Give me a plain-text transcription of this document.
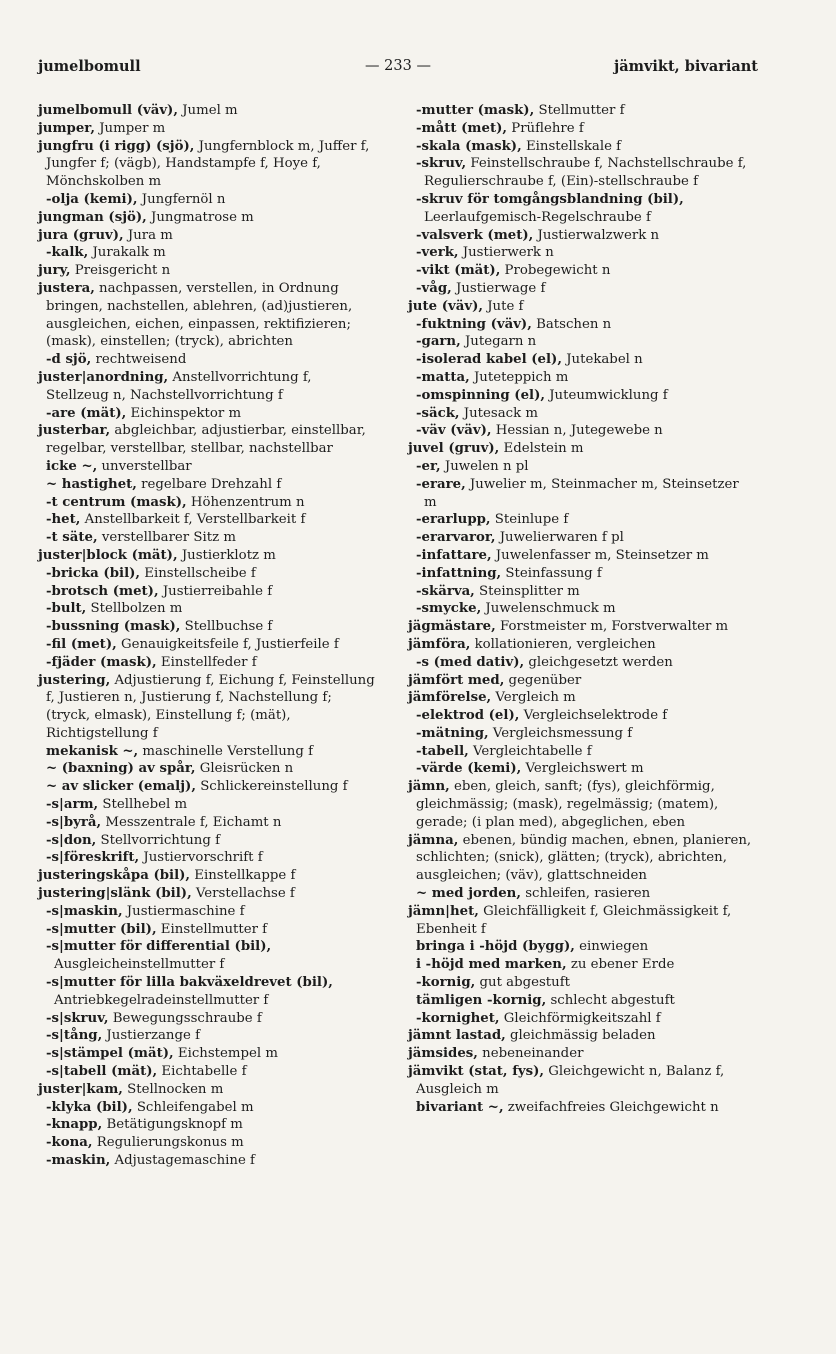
jumelbomull	— 233 —	jämvikt, bivariant

jumelbomull (väv), Jumel m

jumper, Jumper m

jungfru (i rigg) (sjö), Jungfernblock m, Juffer f, Jungfer f; (vägb), Handstampfe f, Hoye f, Mönchskolben m

-olja (kemi), Jungfernöl n

jungman (sjö), Jungmatrose m

jura (gruv), Jura m

-kalk, Jurakalk m

jury, Preisgericht n

justera, nachpassen, verstellen, in Ordnung bringen, nachstellen, ablehren, (ad)justieren, ausgleichen, eichen, einpassen, rektifizieren; (mask), einstellen; (tryck), abrichten

-d sjö, rechtweisend

juster|anordning, Anstellvorrichtung f, Stellzeug n, Nachstellvorrichtung f

-are (mät), Eichinspektor m

justerbar, abgleichbar, adjustierbar, einstellbar, regelbar, verstellbar, stellbar, nachstellbar

icke ~, unverstellbar

~ hastighet, regelbare Drehzahl f

-t centrum (mask), Höhenzentrum n

-het, Anstellbarkeit f, Verstellbarkeit f

-t säte, verstellbarer Sitz m

juster|block (mät), Justierklotz m

-bricka (bil), Einstellscheibe f

-brotsch (met), Justierreibahle f

-bult, Stellbolzen m

-bussning (mask), Stellbuchse f

-fil (met), Genauigkeitsfeile f, Justierfeile f

-fjäder (mask), Einstellfeder f

justering, Adjustierung f, Eichung f, Feinstellung f, Justieren n, Justierung f, Nachstellung f; (tryck, elmask), Einstellung f; (mät), Richtigstellung f

mekanisk ~, maschinelle Verstellung f

~ (baxning) av spår, Gleisrücken n

~ av slicker (emalj), Schlickereinstellung f

-s|arm, Stellhebel m

-s|byrå, Messzentrale f, Eichamt n

-s|don, Stellvorrichtung f

-s|föreskrift, Justiervorschrift f

justeringskåpa (bil), Einstellkappe f

justering|slänk (bil), Verstellachse f

-s|maskin, Justiermaschine f

-s|mutter (bil), Einstellmutter f

-s|mutter för differential (bil), Ausgleicheinstellmutter f

-s|mutter för lilla bakväxeldrevet (bil), Antriebkegelradeinstellmutter f

-s|skruv, Bewegungsschraube f

-s|tång, Justierzange f

-s|stämpel (mät), Eichstempel m

-s|tabell (mät), Eichtabelle f

juster|kam, Stellnocken m

-klyka (bil), Schleifengabel m

-knapp, Betätigungsknopf m

-kona, Regulierungskonus m

-maskin, Adjustagemaschine f

-mutter (mask), Stellmutter f

-mått (met), Prüflehre f

-skala (mask), Einstellskale f

-skruv, Feinstellschraube f, Nachstellschraube f, Regulierschraube f, (Ein)-stellschraube f

-skruv för tomgångsblandning (bil), Leerlaufgemisch-Regelschraube f

-valsverk (met), Justierwalzwerk n

-verk, Justierwerk n

-vikt (mät), Probegewicht n

-våg, Justierwage f

jute (väv), Jute f

-fuktning (väv), Batschen n

-garn, Jutegarn n

-isolerad kabel (el), Jutekabel n

-matta, Juteteppich m

-omspinning (el), Juteumwicklung f

-säck, Jutesack m

-väv (väv), Hessian n, Jutegewebe n

juvel (gruv), Edelstein m

-er, Juwelen n pl

-erare, Juwelier m, Steinmacher m, Steinsetzer m

-erarlupp, Steinlupe f

-erarvaror, Juwelierwaren f pl

-infattare, Juwelenfasser m, Steinsetzer m

-infattning, Steinfassung f

-skärva, Steinsplitter m

-smycke, Juwelenschmuck m

jägmästare, Forstmeister m, Forstverwalter m

jämföra, kollationieren, vergleichen

-s (med dativ), gleichgesetzt werden

jämfört med, gegenüber

jämförelse, Vergleich m

-elektrod (el), Vergleichselektrode f

-mätning, Vergleichsmessung f

-tabell, Vergleichtabelle f

-värde (kemi), Vergleichswert m

jämn, eben, gleich, sanft; (fys), gleichförmig, gleichmässig; (mask), regelmässig; (matem), gerade; (i plan med), abgeglichen, eben

jämna, ebenen, bündig machen, ebnen, planieren, schlichten; (snick), glätten; (tryck), abrichten, ausgleichen; (väv), glattschneiden

~ med jorden, schleifen, rasieren

jämn|het, Gleichfälligkeit f, Gleichmässigkeit f, Ebenheit f

bringa i -höjd (bygg), einwiegen

i -höjd med marken, zu ebener Erde

-kornig, gut abgestuft

tämligen -kornig, schlecht abgestuft

-kornighet, Gleichförmigkeitszahl f

jämnt lastad, gleichmässig beladen

jämsides, nebeneinander

jämvikt (stat, fys), Gleichgewicht n, Balanz f, Ausgleich m

bivariant ~, zweifachfreies Gleichgewicht n
